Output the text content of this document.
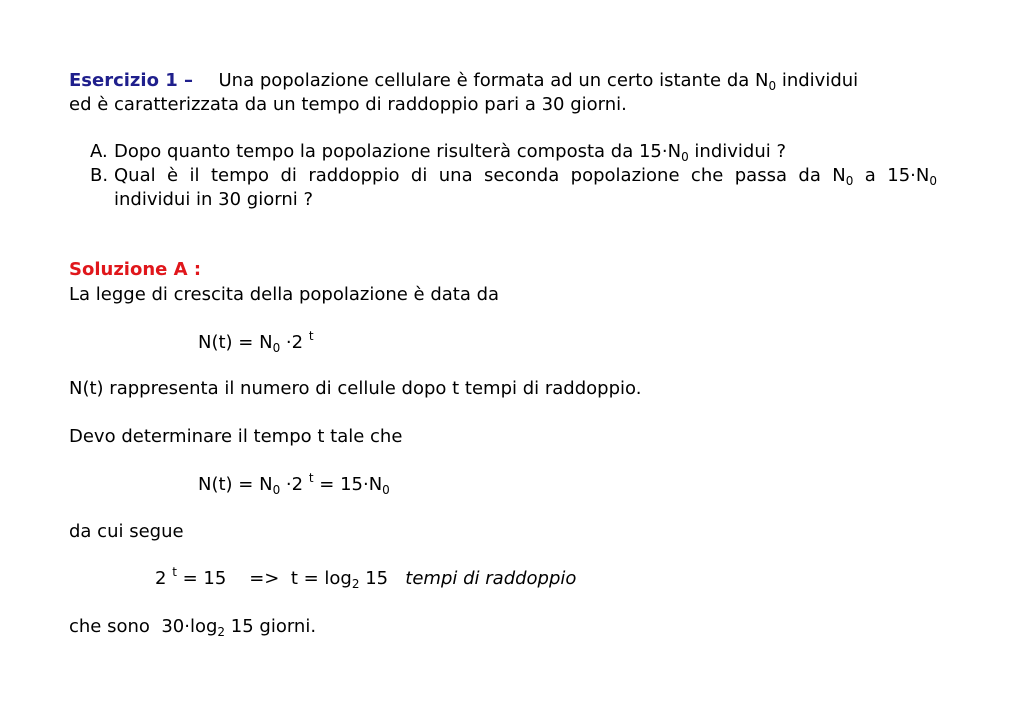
Esercizio 1 – Una popolazione cellulare è formata ad un certo istante da $N_0$ individui
ed è caratterizzata da un tempo di raddoppio pari a 30 giorni.
A. Dopo quanto tempo la popolazione risulterà composta da $15\cdot N_0$ individui ?
B. Qual è il tempo di raddoppio di una seconda popolazione che passa da $N_0$ a $15\cdot N_0$
individui in 30 giorni ?
Soluzione A :
La legge di crescita della popolazione è data da
$N(t) = N_0 \cdot 2$ $^t$
N(t) rappresenta il numero di cellule dopo t tempi di raddoppio.
Devo determinare il tempo t tale che
$N(t) = N_0 \cdot 2$ $^t = 15\cdot N_0$
da cui segue
2 $^t$ = 15    =>  $t = \log_2 15$   tempi di raddoppio
che sono  $30\cdot\log_2$ 15 giorni.
